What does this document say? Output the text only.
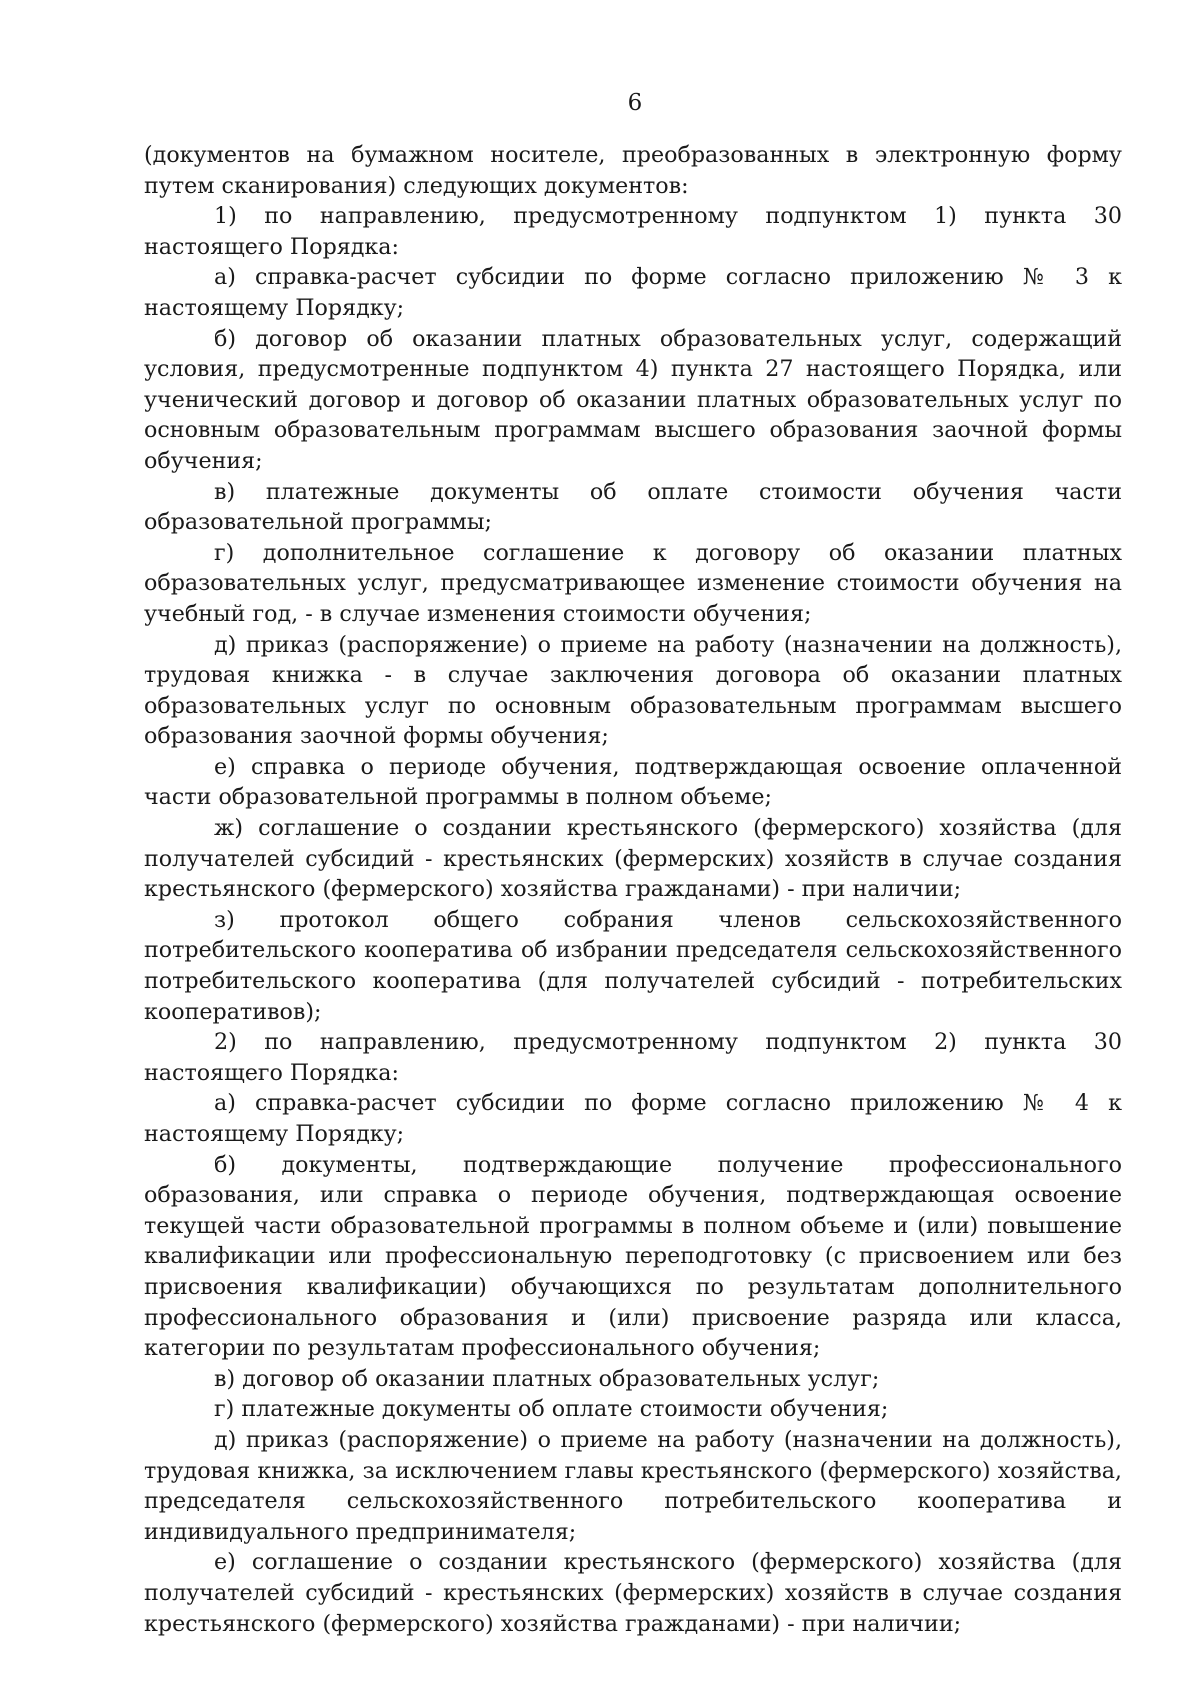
6

(документов на бумажном носителе, преобразованных в электронную форму путем сканирования) следующих документов:

1) по направлению, предусмотренному подпунктом 1) пункта 30 настоящего Порядка:

а) справка-расчет субсидии по форме согласно приложению № 3 к настоящему Порядку;

б) договор об оказании платных образовательных услуг, содержащий условия, предусмотренные подпунктом 4) пункта 27 настоящего Порядка, или ученический договор и договор об оказании платных образовательных услуг по основным образовательным программам высшего образования заочной формы обучения;

в) платежные документы об оплате стоимости обучения части образовательной программы;

г) дополнительное соглашение к договору об оказании платных образовательных услуг, предусматривающее изменение стоимости обучения на учебный год, - в случае изменения стоимости обучения;

д) приказ (распоряжение) о приеме на работу (назначении на должность), трудовая книжка - в случае заключения договора об оказании платных образовательных услуг по основным образовательным программам высшего образования заочной формы обучения;

е) справка о периоде обучения, подтверждающая освоение оплаченной части образовательной программы в полном объеме;

ж) соглашение о создании крестьянского (фермерского) хозяйства (для получателей субсидий - крестьянских (фермерских) хозяйств в случае создания крестьянского (фермерского) хозяйства гражданами) - при наличии;

з) протокол общего собрания членов сельскохозяйственного потребительского кооператива об избрании председателя сельскохозяйственного потребительского кооператива (для получателей субсидий - потребительских кооперативов);

2) по направлению, предусмотренному подпунктом 2) пункта 30 настоящего Порядка:

а) справка-расчет субсидии по форме согласно приложению № 4 к настоящему Порядку;

б) документы, подтверждающие получение профессионального образования, или справка о периоде обучения, подтверждающая освоение текущей части образовательной программы в полном объеме и (или) повышение квалификации или профессиональную переподготовку (с присвоением или без присвоения квалификации) обучающихся по результатам дополнительного профессионального образования и (или) присвоение разряда или класса, категории по результатам профессионального обучения;

в) договор об оказании платных образовательных услуг;

г) платежные документы об оплате стоимости обучения;

д) приказ (распоряжение) о приеме на работу (назначении на должность), трудовая книжка, за исключением главы крестьянского (фермерского) хозяйства, председателя сельскохозяйственного потребительского кооператива и индивидуального предпринимателя;

е) соглашение о создании крестьянского (фермерского) хозяйства (для получателей субсидий - крестьянских (фермерских) хозяйств в случае создания крестьянского (фермерского) хозяйства гражданами) - при наличии;
